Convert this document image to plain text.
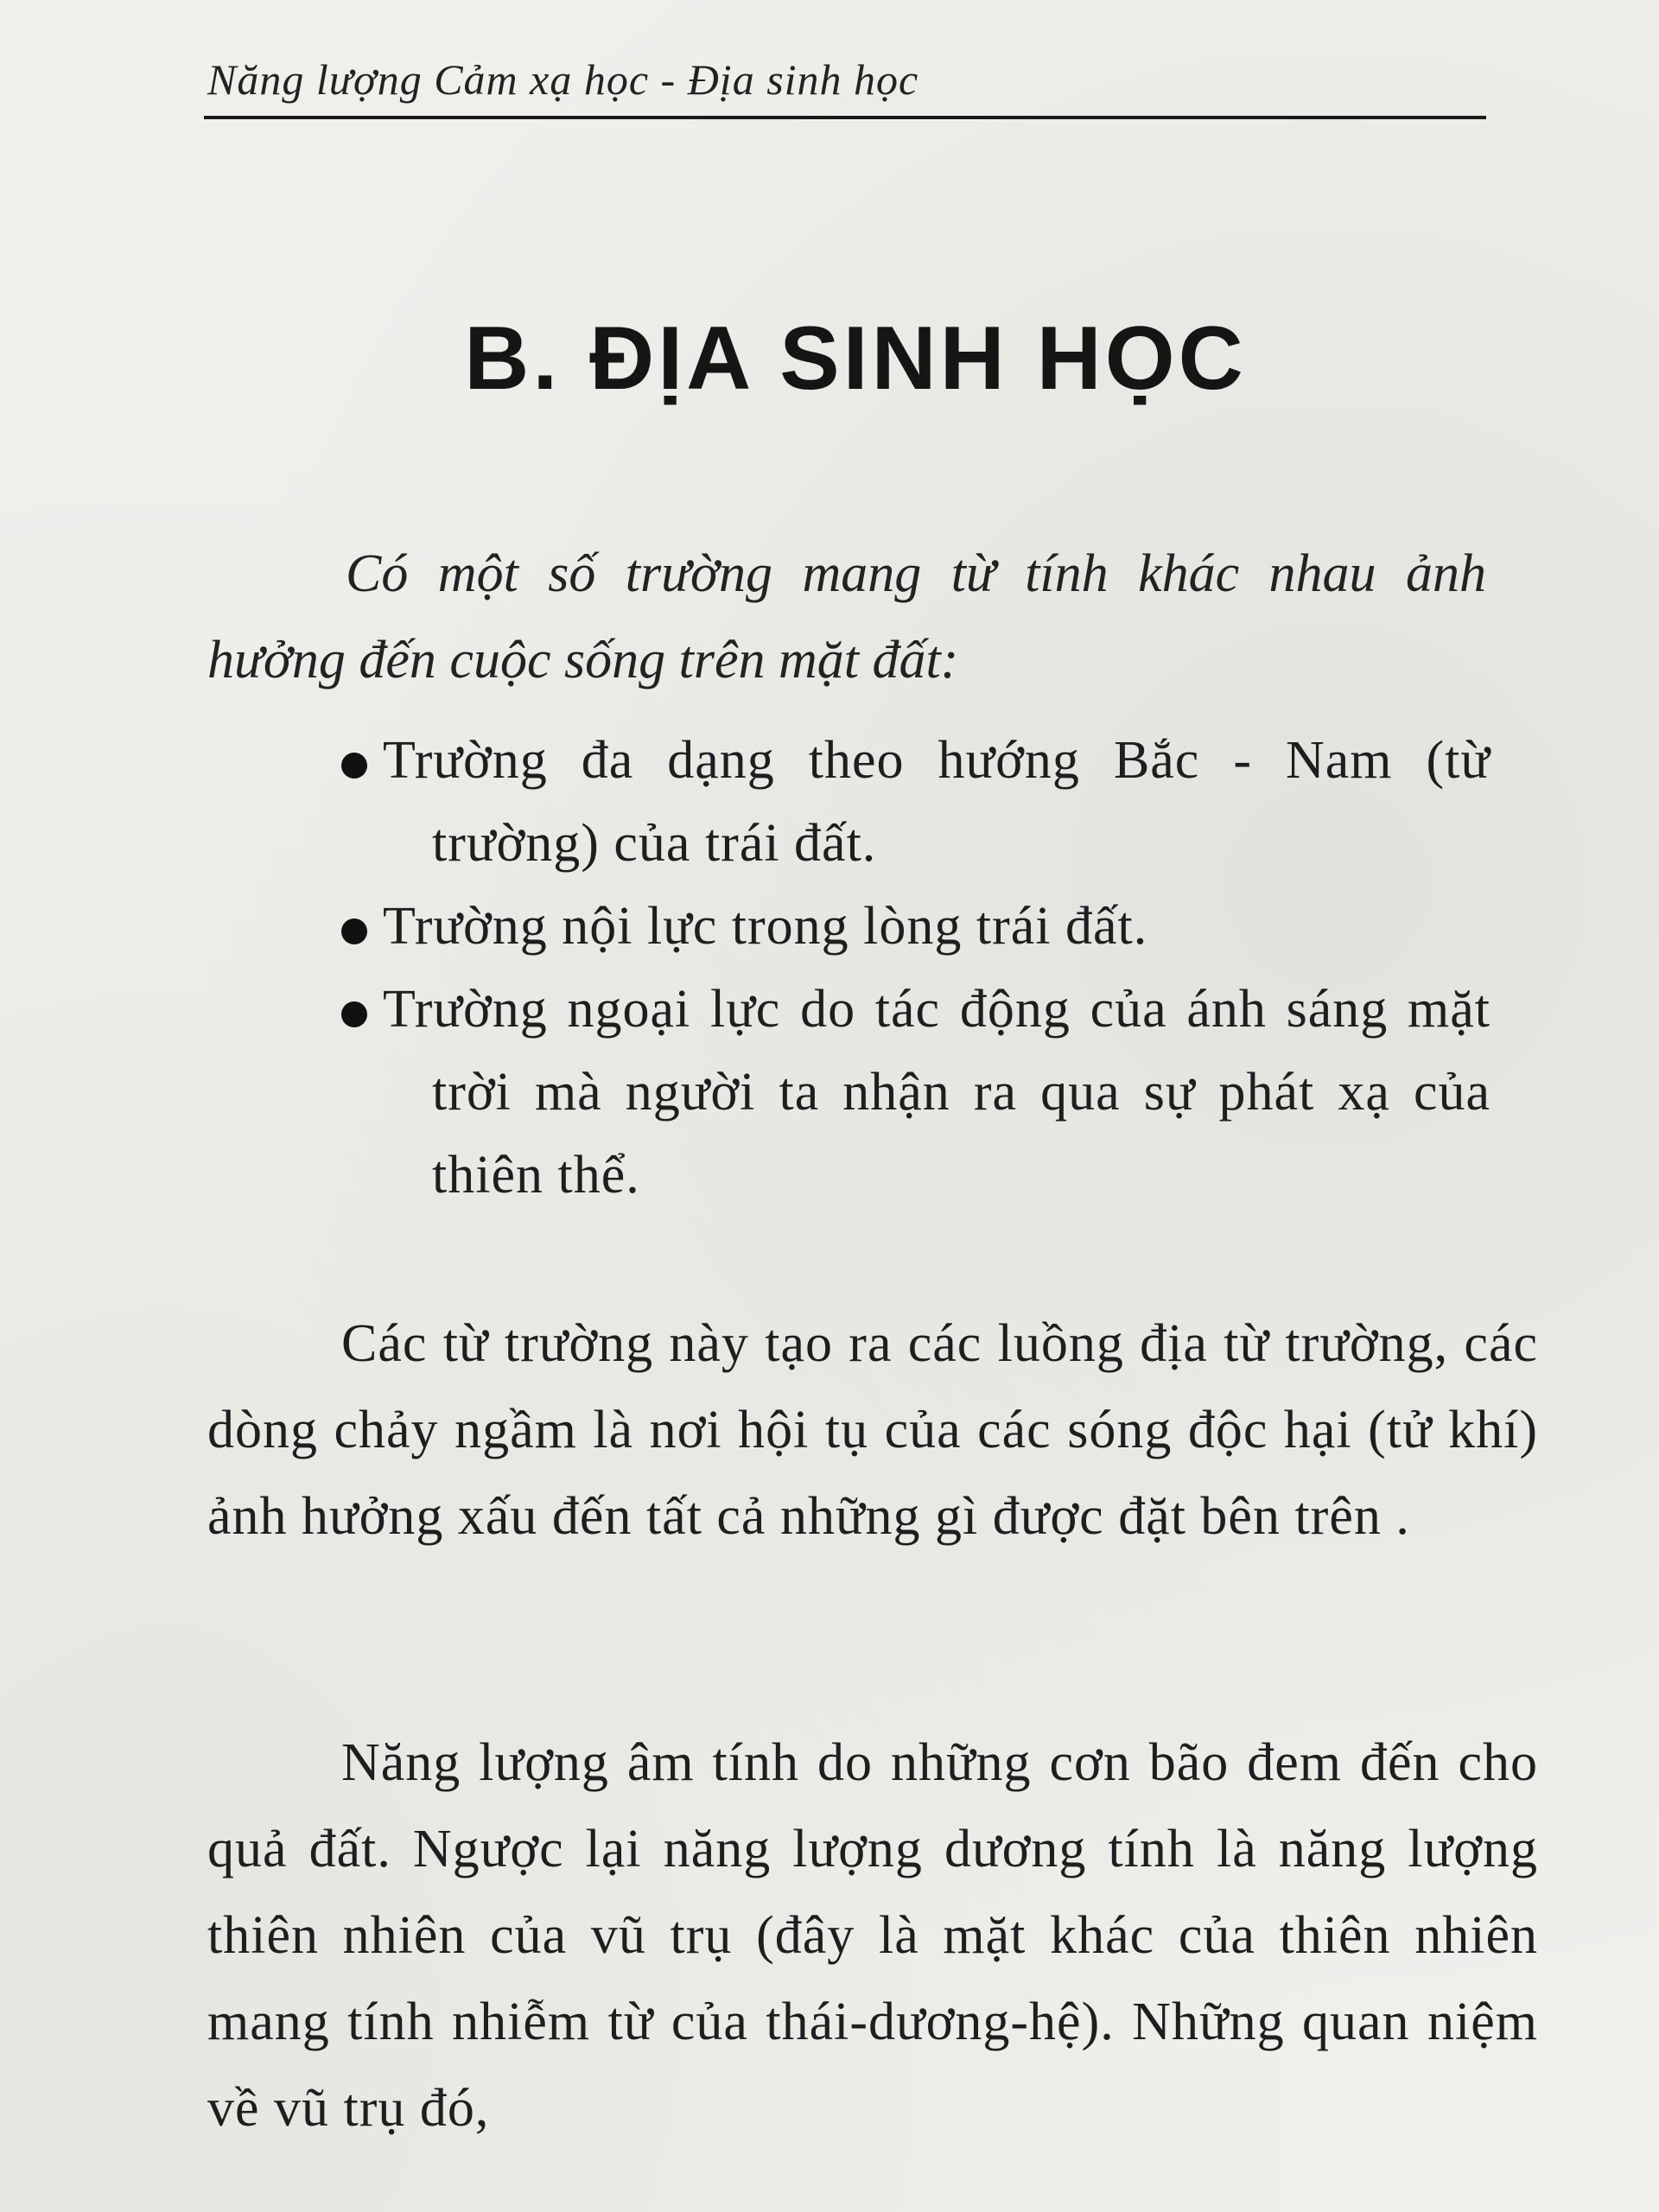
Năng lượng Cảm xạ học - Địa sinh học
B. ĐỊA SINH HỌC

Có một số trường mang từ tính khác nhau ảnh hưởng đến cuộc sống trên mặt đất:

Trường đa dạng theo hướng Bắc - Nam (từ trường) của trái đất.
Trường nội lực trong lòng trái đất.
Trường ngoại lực do tác động của ánh sáng mặt trời mà người ta nhận ra qua sự phát xạ của thiên thể.

Các từ trường này tạo ra các luồng địa từ trường, các dòng chảy ngầm là nơi hội tụ của các sóng độc hại (tử khí) ảnh hưởng xấu đến tất cả những gì được đặt bên trên .

Năng lượng âm tính do những cơn bão đem đến cho quả đất. Ngược lại năng lượng dương tính là năng lượng thiên nhiên của vũ trụ (đây là mặt khác của thiên nhiên mang tính nhiễm từ của thái-dương-hệ). Những quan niệm về vũ trụ đó,
